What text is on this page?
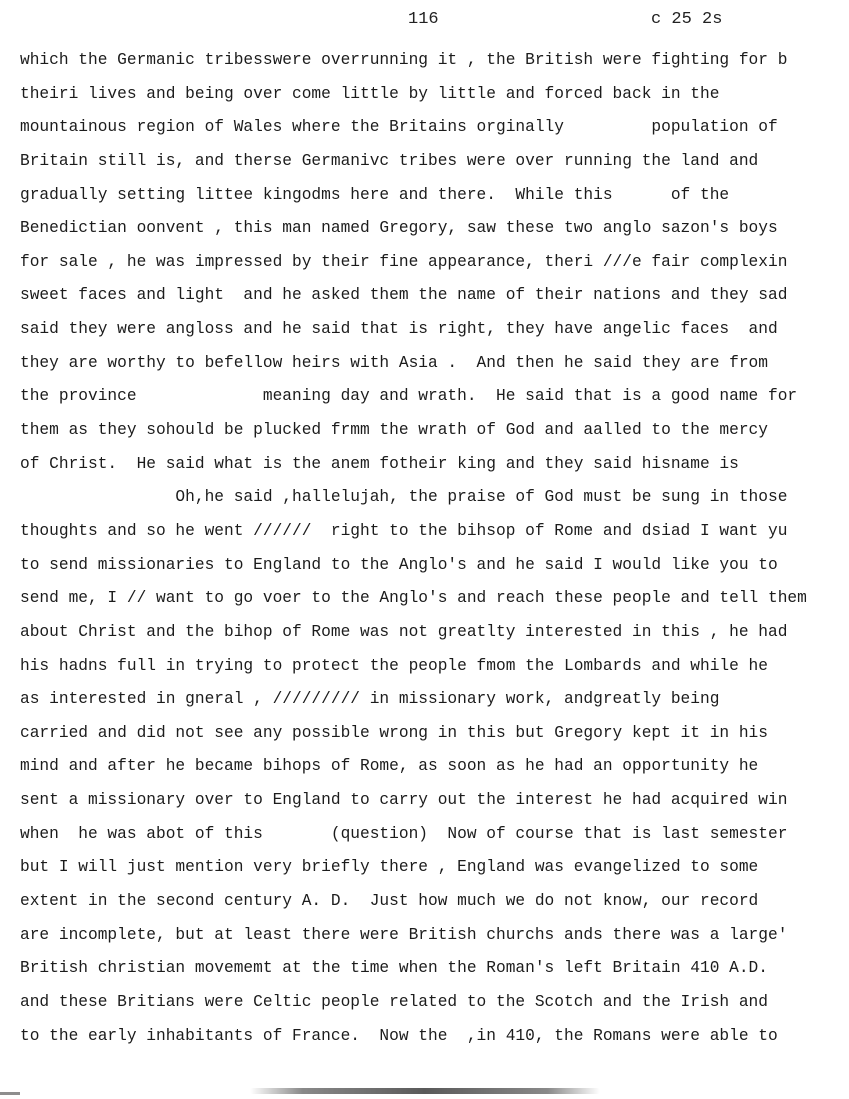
116	c 25 2s
which the Germanic tribesswere overrunning it , the British were fighting for b
theiri lives and being over come little by little and forced back in the
mountainous region of Wales where the Britains orginally         population of
Britain still is, and therse Germanivc tribes were over running the land and
gradually setting littee kingodms here and there.  While this      of the
Benedictian oonvent , this man named Gregory, saw these two anglo sazon's boys
for sale , he was impressed by their fine appearance, theri ///e fair complexin
sweet faces and light  and he asked them the name of their nations and they sad
said they were angloss and he said that is right, they have angelic faces  and
they are worthy to befellow heirs with Asia .  And then he said they are from
the province             meaning day and wrath.  He said that is a good name for
them as they sohould be plucked frmm the wrath of God and aalled to the mercy
of Christ.  He said what is the anem fotheir king and they said hisname is
Oh,he said ,hallelujah, the praise of God must be sung in those
thoughts and so he went //////  right to the bihsop of Rome and dsiad I want yu
to send missionaries to England to the Anglo's and he said I would like you to
send me, I // want to go voer to the Anglo's and reach these people and tell them
about Christ and the bihop of Rome was not greatlty interested in this , he had
his hadns full in trying to protect the people fmom the Lombards and while he
as interested in gneral , ///////// in missionary work, andgreatly being
carried and did not see any possible wrong in this but Gregory kept it in his
mind and after he became bihops of Rome, as soon as he had an opportunity he
sent a missionary over to England to carry out the interest he had acquired win
when  he was abot of this       (question)  Now of course that is last semester
but I will just mention very briefly there , England was evangelized to some
extent in the second century A. D.  Just how much we do not know, our record
are incomplete, but at least there were British churchs ands there was a large'
British christian movememt at the time when the Roman's left Britain 410 A.D.
and these Britians were Celtic people related to the Scotch and the Irish and
to the early inhabitants of France.  Now the  ,in 410, the Romans were able to
